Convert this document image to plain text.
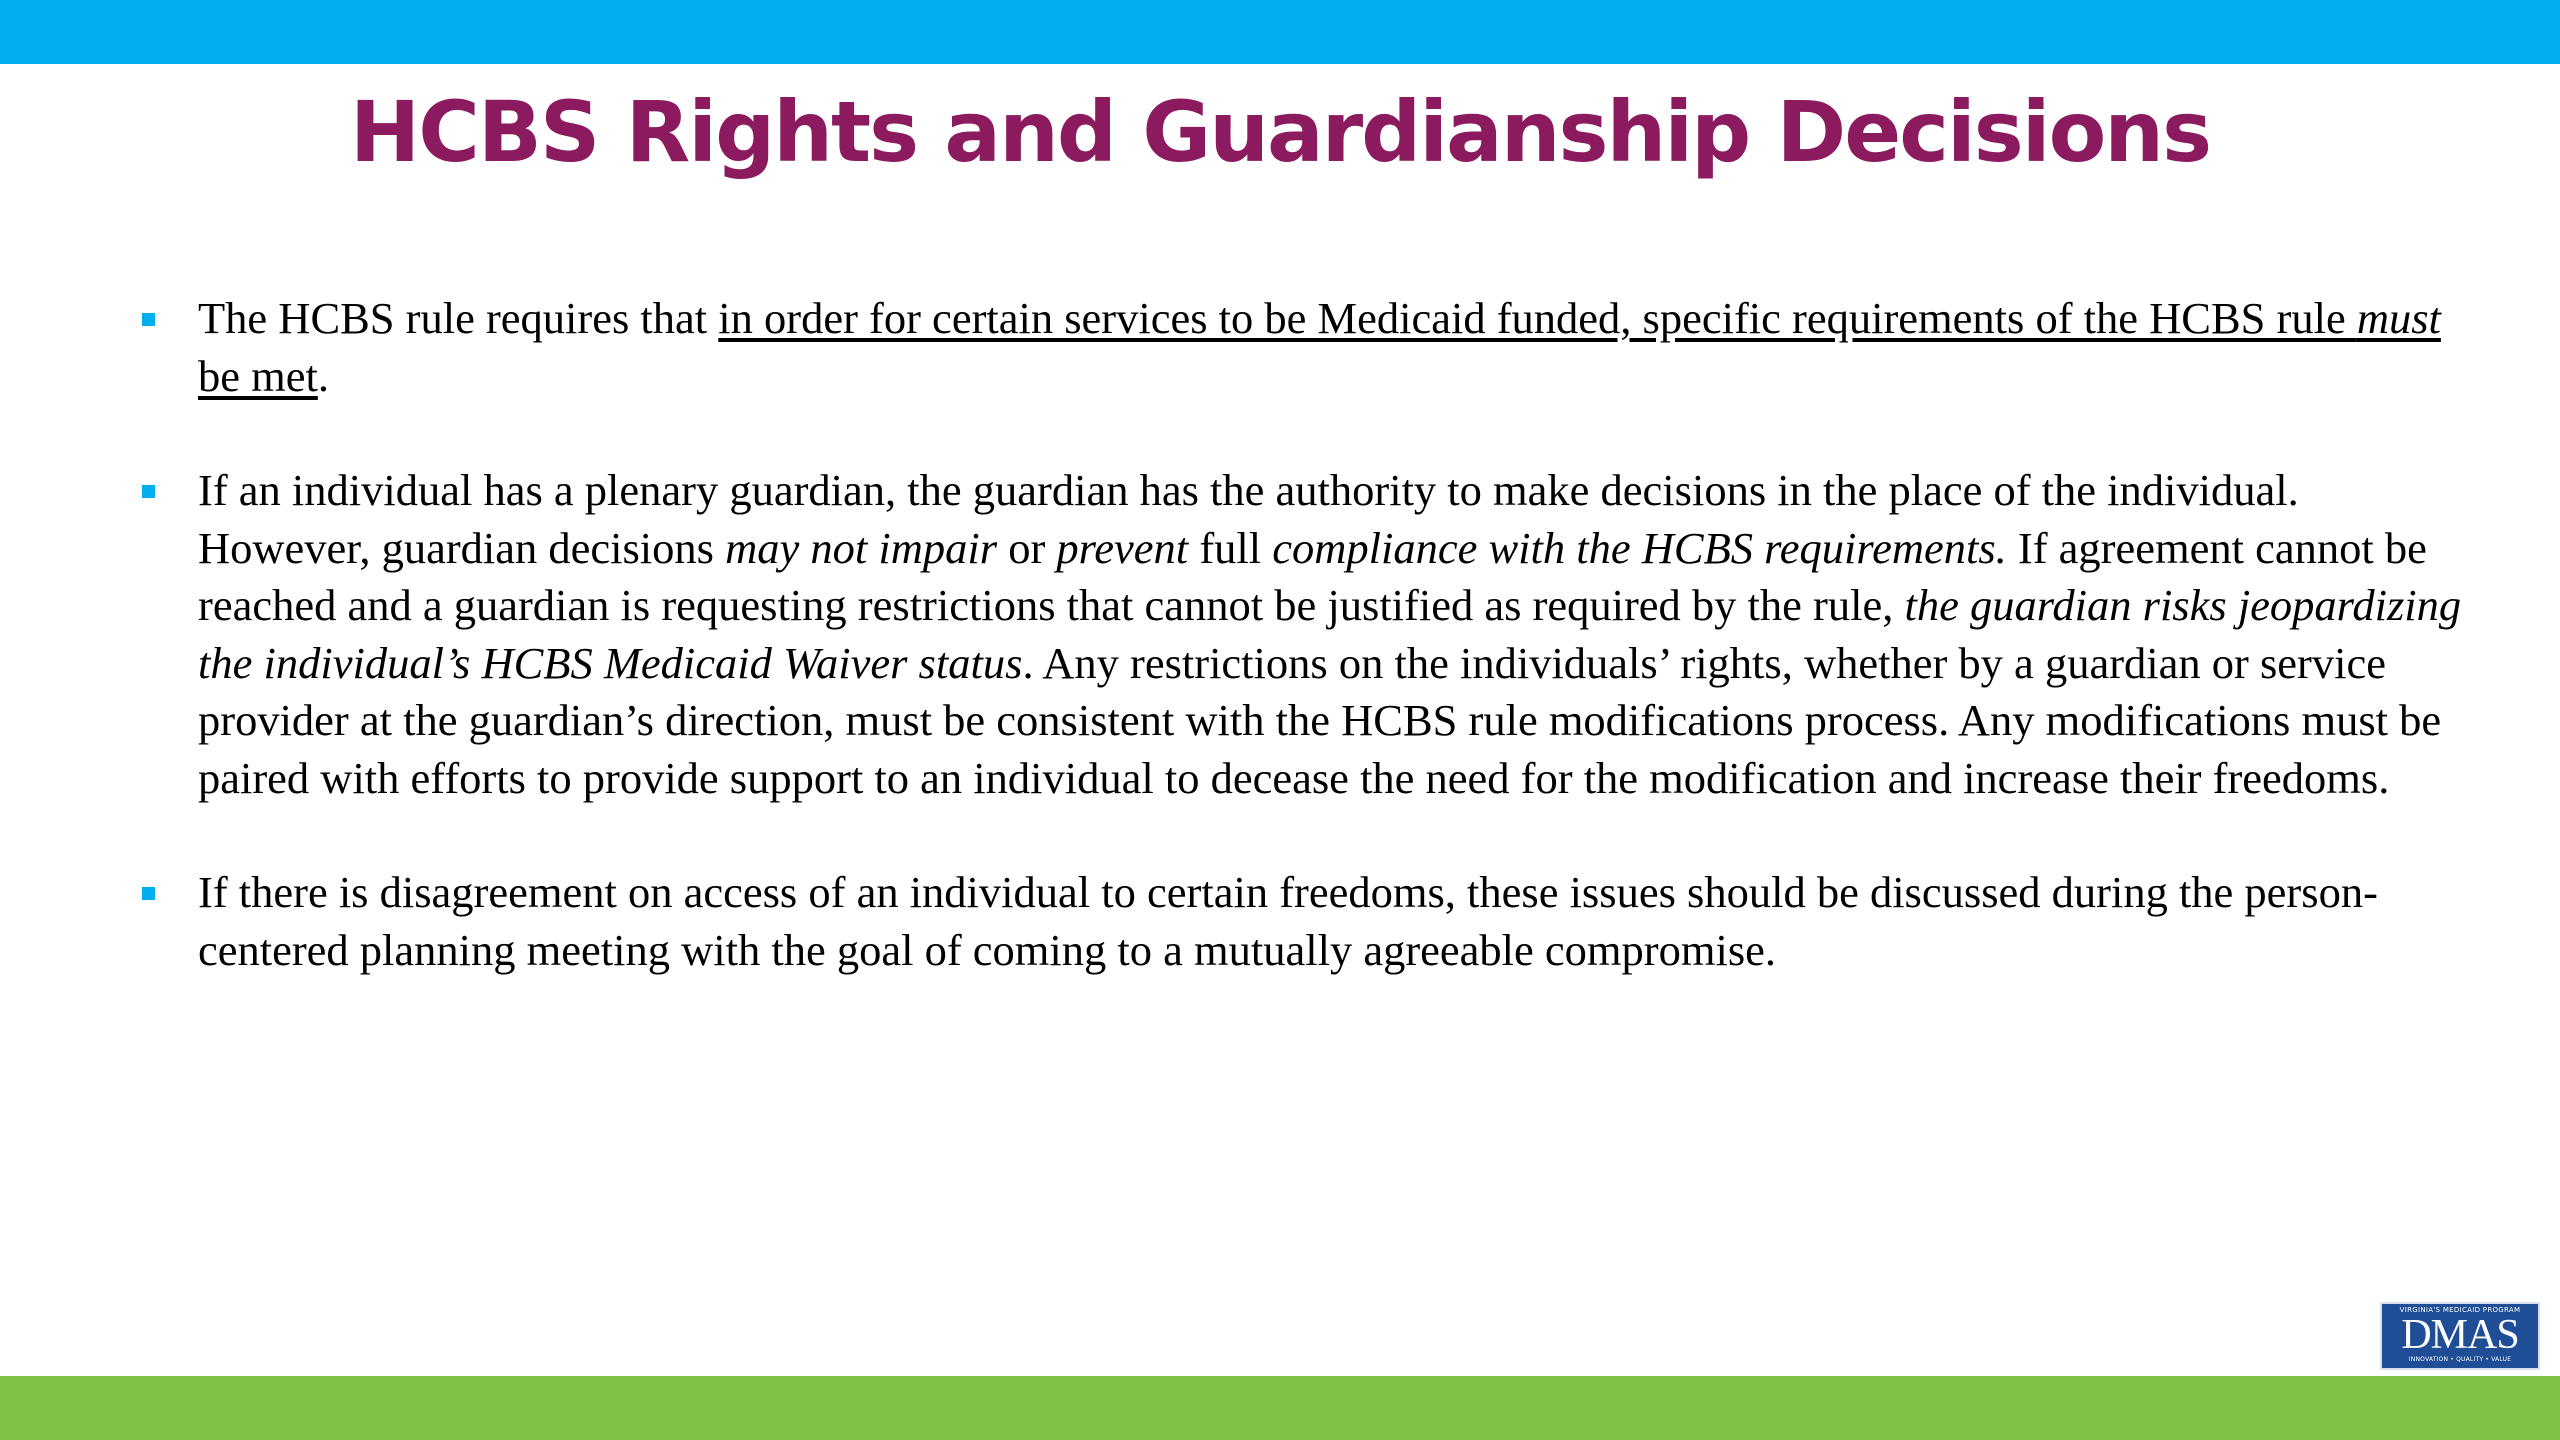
HCBS Rights and Guardianship Decisions
The HCBS rule requires that in order for certain services to be Medicaid funded, specific requirements of the HCBS rule must be met.
If an individual has a plenary guardian, the guardian has the authority to make decisions in the place of the individual. However, guardian decisions may not impair or prevent full compliance with the HCBS requirements. If agreement cannot be reached and a guardian is requesting restrictions that cannot be justified as required by the rule, the guardian risks jeopardizing the individual’s HCBS Medicaid Waiver status. Any restrictions on the individuals’ rights, whether by a guardian or service provider at the guardian’s direction, must be consistent with the HCBS rule modifications process. Any modifications must be paired with efforts to provide support to an individual to decease the need for the modification and increase their freedoms.
If there is disagreement on access of an individual to certain freedoms, these issues should be discussed during the person-centered planning meeting with the goal of coming to a mutually agreeable compromise.
VIRGINIA'S MEDICAID PROGRAM
DMAS
INNOVATION • QUALITY • VALUE
